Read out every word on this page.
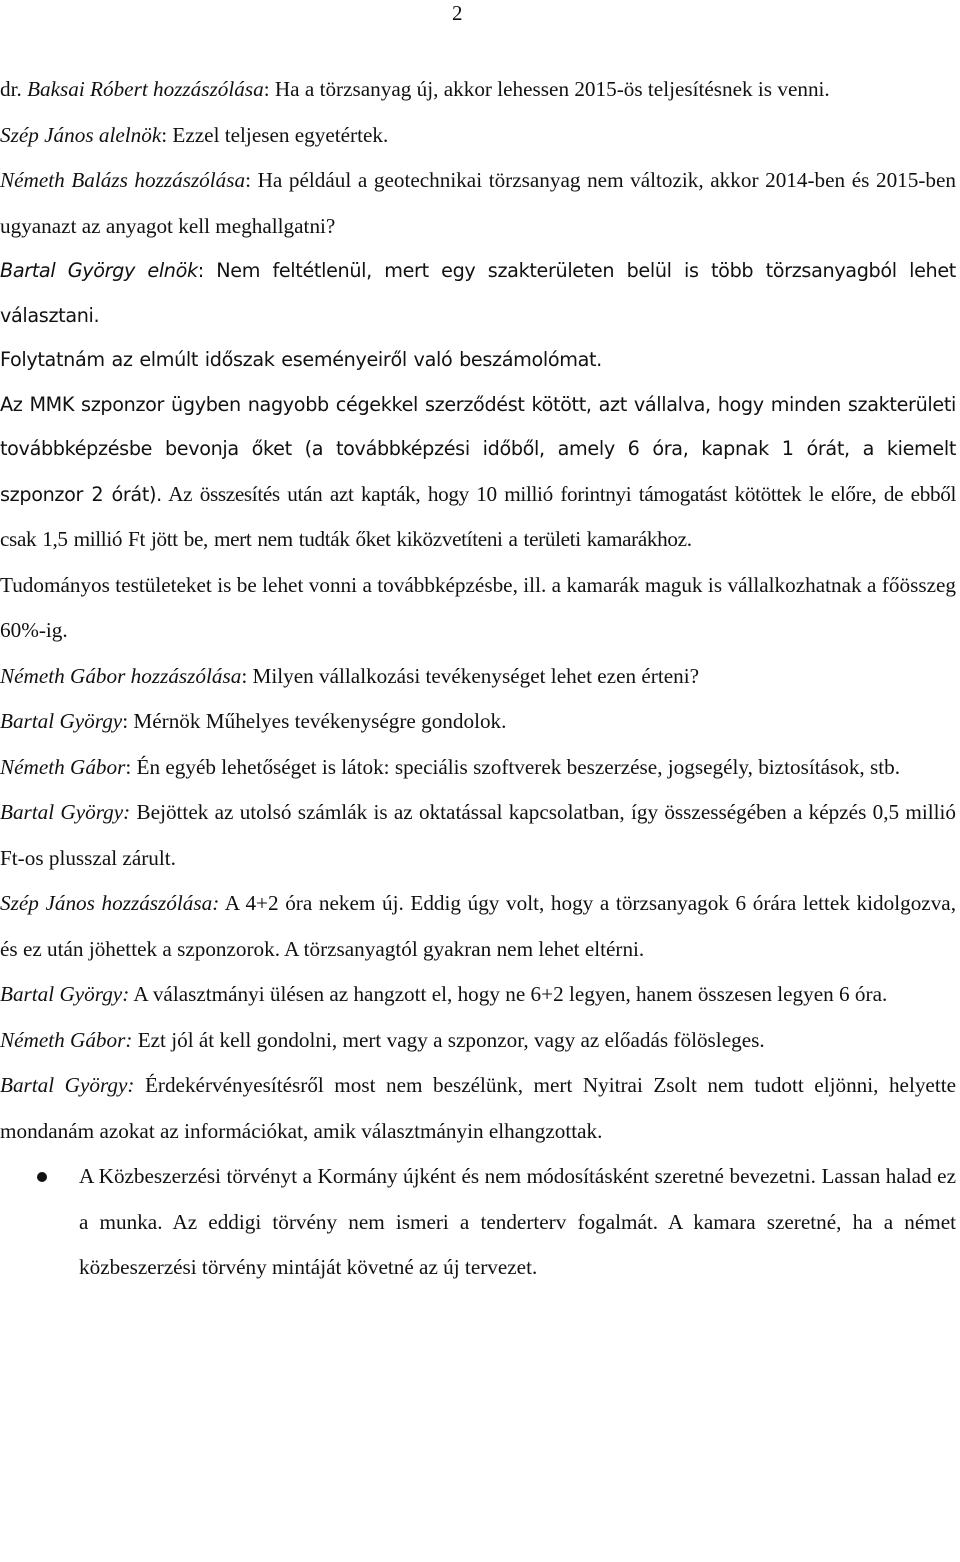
2

dr. Baksai Róbert hozzászólása: Ha a törzsanyag új, akkor lehessen 2015-ös teljesítésnek is venni.

Szép János alelnök: Ezzel teljesen egyetértek.

Németh Balázs hozzászólása: Ha például a geotechnikai törzsanyag nem változik, akkor 2014-ben és 2015-ben ugyanazt az anyagot kell meghallgatni?

Bartal György elnök: Nem feltétlenül, mert egy szakterületen belül is több törzsanyagból lehet választani.

Folytatnám az elmúlt időszak eseményeiről való beszámolómat.

Az MMK szponzor ügyben nagyobb cégekkel szerződést kötött, azt vállalva, hogy minden szakterületi továbbképzésbe bevonja őket (a továbbképzési időből, amely 6 óra, kapnak 1 órát, a kiemelt szponzor 2 órát). Az összesítés után azt kapták, hogy 10 millió forintnyi támogatást kötöttek le előre, de ebből csak 1,5 millió Ft jött be, mert nem tudták őket kiközvetíteni a területi kamarákhoz.

Tudományos testületeket is be lehet vonni a továbbképzésbe, ill. a kamarák maguk is vállalkozhatnak a főösszeg 60%-ig.

Németh Gábor hozzászólása: Milyen vállalkozási tevékenységet lehet ezen érteni?

Bartal György: Mérnök Műhelyes tevékenységre gondolok.

Németh Gábor: Én egyéb lehetőséget is látok: speciális szoftverek beszerzése, jogsegély, biztosítások, stb.

Bartal György: Bejöttek az utolsó számlák is az oktatással kapcsolatban, így összességében a képzés 0,5 millió Ft-os plusszal zárult.

Szép János hozzászólása: A 4+2 óra nekem új. Eddig úgy volt, hogy a törzsanyagok 6 órára lettek kidolgozva, és ez után jöhettek a szponzorok. A törzsanyagtól gyakran nem lehet eltérni.

Bartal György: A választmányi ülésen az hangzott el, hogy ne 6+2 legyen, hanem összesen legyen 6 óra.

Németh Gábor: Ezt jól át kell gondolni, mert vagy a szponzor, vagy az előadás fölösleges.

Bartal György: Érdekérvényesítésről most nem beszélünk, mert Nyitrai Zsolt nem tudott eljönni, helyette mondanám azokat az információkat, amik választmányin elhangzottak.

A Közbeszerzési törvényt a Kormány újként és nem módosításként szeretné bevezetni. Lassan halad ez a munka. Az eddigi törvény nem ismeri a tenderterv fogalmát. A kamara szeretné, ha a német közbeszerzési törvény mintáját követné az új tervezet.
